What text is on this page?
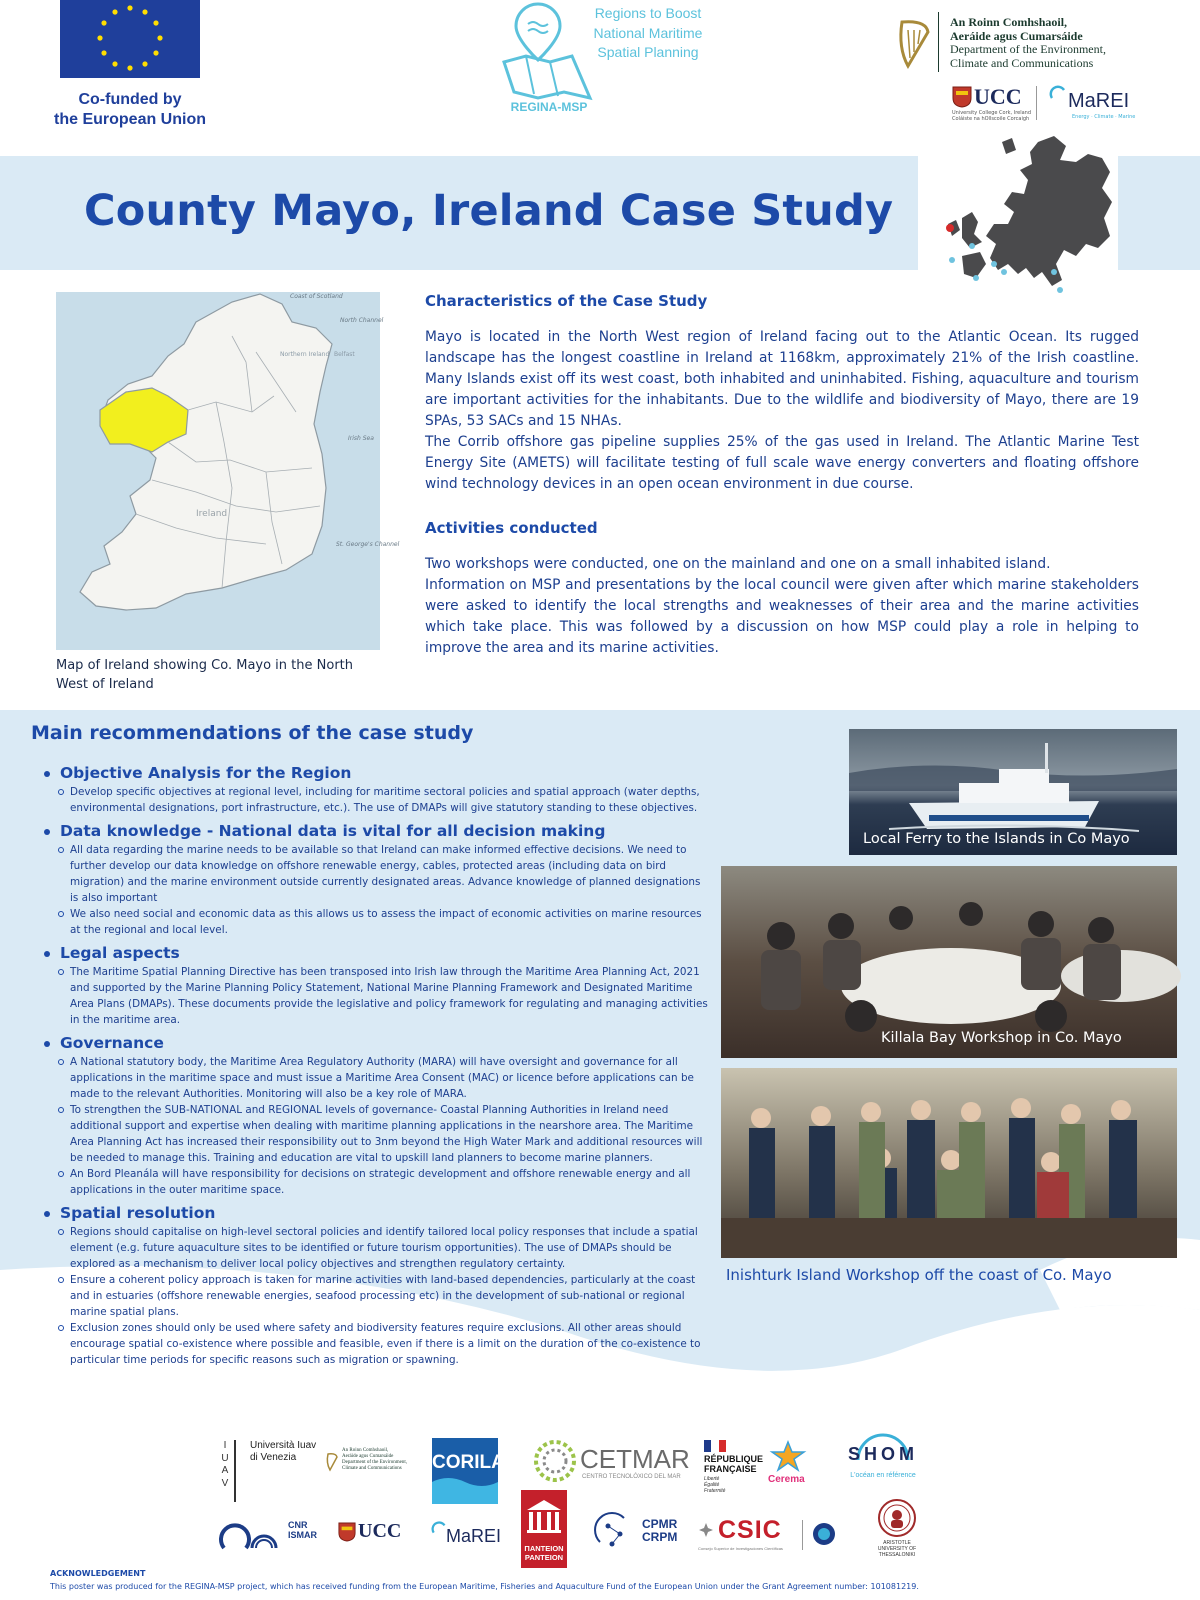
Co-funded by
the European Union
Regions to Boost
National Maritime
Spatial Planning
REGINA-MSP
An Roinn Comhshaoil,
Aeráide agus Cumarsáide
Department of the Environment,
Climate and Communications
UCC
University College Cork, Ireland Coláiste na hOllscoile Corcaigh
MaREI
Energy · Climate · Marine
County Mayo, Ireland Case Study
Coast of Scotland
North Channel
Northern Ireland Belfast
Irish Sea
Ireland
St. George's Channel
Map of Ireland showing Co. Mayo in the North West of Ireland
Characteristics of the Case Study

Mayo is located in the North West region of Ireland facing out to the Atlantic Ocean. Its rugged landscape has the longest coastline in Ireland at 1168km, approximately 21% of the Irish coastline. Many Islands exist off its west coast, both inhabited and uninhabited. Fishing, aquaculture and tourism are important activities for the inhabitants. Due to the wildlife and biodiversity of Mayo, there are 19 SPAs, 53 SACs and 15 NHAs.

The Corrib offshore gas pipeline supplies 25% of the gas used in Ireland. The Atlantic Marine Test Energy Site (AMETS) will facilitate testing of full scale wave energy converters and floating offshore wind technology devices in an open ocean environment in due course.

Activities conducted

Two workshops were conducted, one on the mainland and one on a small inhabited island.

Information on MSP and presentations by the local council were given after which marine stakeholders were asked to identify the local strengths and weaknesses of their area and the marine activities which take place. This was followed by a discussion on how MSP could play a role in helping to improve the area and its marine activities.

Main recommendations of the case study
Objective Analysis for the Region
Develop specific objectives at regional level, including for maritime sectoral policies and spatial approach (water depths, environmental designations, port infrastructure, etc.). The use of DMAPs will give statutory standing to these objectives.
Data knowledge - National data is vital for all decision making
All data regarding the marine needs to be available so that Ireland can make informed effective decisions. We need to further develop our data knowledge on offshore renewable energy, cables, protected areas (including data on bird migration) and the marine environment outside currently designated areas. Advance knowledge of planned designations is also important
We also need social and economic data as this allows us to assess the impact of economic activities on marine resources at the regional and local level.
Legal aspects
The Maritime Spatial Planning Directive has been transposed into Irish law through the Maritime Area Planning Act, 2021 and supported by the Marine Planning Policy Statement, National Marine Planning Framework and Designated Maritime Area Plans (DMAPs). These documents provide the legislative and policy framework for regulating and managing activities in the maritime area.
Governance
A National statutory body, the Maritime Area Regulatory Authority (MARA) will have oversight and governance for all applications in the maritime space and must issue a Maritime Area Consent (MAC) or licence before applications can be made to the relevant Authorities. Monitoring will also be a key role of MARA.
To strengthen the SUB-NATIONAL and REGIONAL levels of governance- Coastal Planning Authorities in Ireland need additional support and expertise when dealing with maritime planning applications in the nearshore area. The Maritime Area Planning Act has increased their responsibility out to 3nm beyond the High Water Mark and additional resources will be needed to manage this. Training and education are vital to upskill land planners to become marine planners.
An Bord Pleanála will have responsibility for decisions on strategic development and offshore renewable energy and all applications in the outer maritime space.
Spatial resolution
Regions should capitalise on high-level sectoral policies and identify tailored local policy responses that include a spatial element (e.g. future aquaculture sites to be identified or future tourism opportunities). The use of DMAPs should be explored as a mechanism to deliver local policy objectives and strengthen regulatory certainty.
Ensure a coherent policy approach is taken for marine activities with land-based dependencies, particularly at the coast and in estuaries (offshore renewable energies, seafood processing etc) in the development of sub-national or regional marine spatial plans.
Exclusion zones should only be used where safety and biodiversity features require exclusions. All other areas should encourage spatial co-existence where possible and feasible, even if there is a limit on the duration of the co-existence to particular time periods for specific reasons such as migration or spawning.
Local Ferry to the Islands in Co Mayo
Killala Bay Workshop in Co. Mayo
Inishturk Island Workshop off the coast of Co. Mayo
I
U
A
V
Università Iuav
di Venezia
An Roinn Comhshaoil,
Aeráide agus Cumarsáide
Department of the Environment,
Climate and Communications CORILA	CETMAR
CENTRO TECNOLÓXICO DEL MAR
RÉPUBLIQUE
FRANÇAISE
Liberté
Égalité
Fraternité
Cerema
SHOM
L'océan en référence
CNR
ISMAR UCC MaREI
ΠΑΝΤΕΙΟΝ
PANTEION
CPMR
CRPM CSIC
Consejo Superior de Investigaciones Científicas
ARISTOTLE
UNIVERSITY OF
THESSALONIKI
ACKNOWLEDGEMENT
This poster was produced for the REGINA-MSP project, which has received funding from the European Maritime, Fisheries and Aquaculture Fund of the European Union under the Grant Agreement number: 101081219.
